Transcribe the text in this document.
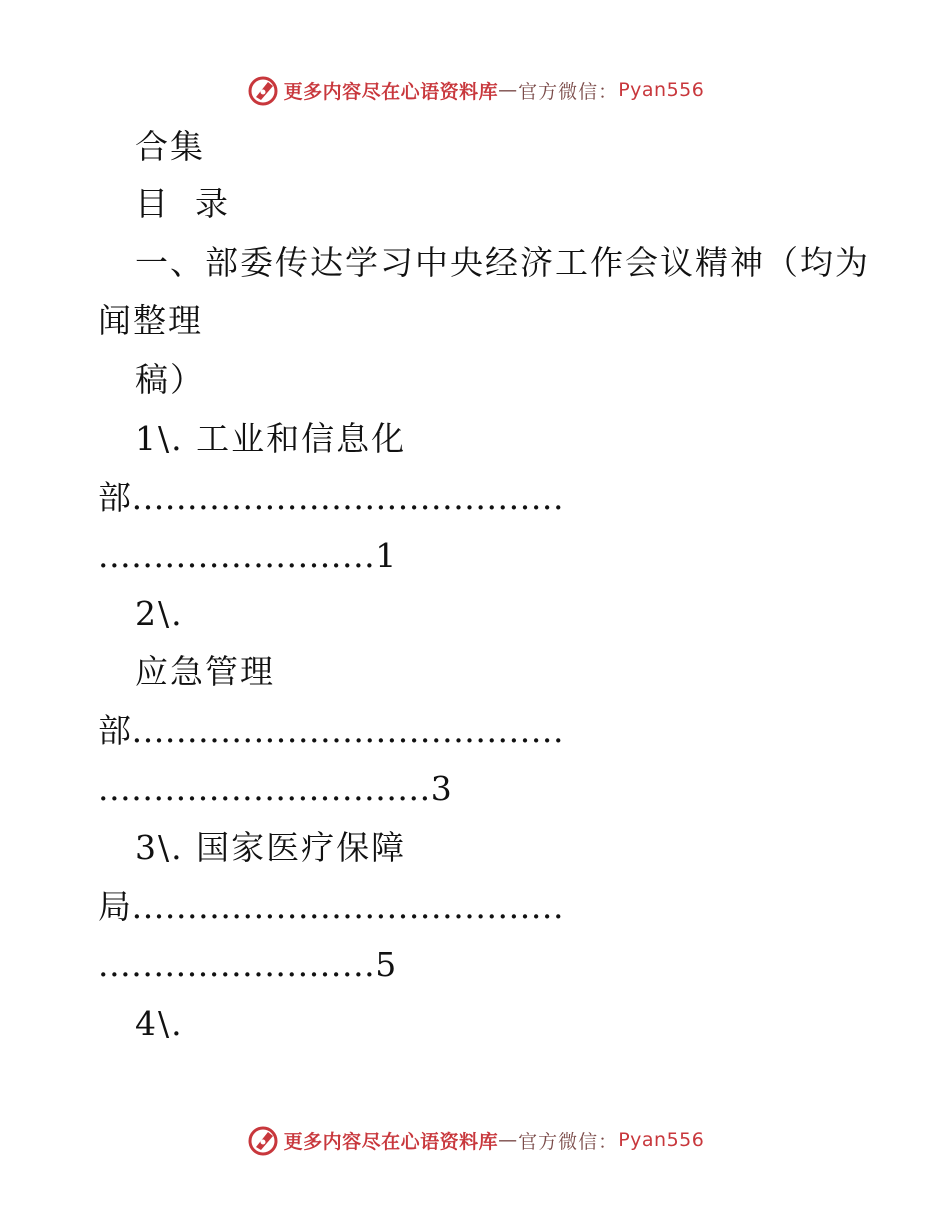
更多内容尽在心语资料库 — 官方微信： Pyan556
合集
目  录
一、部委传达学习中央经济工作会议精神（均为
闻整理
稿）
1\. 工业和信息化
部.......................................
.........................1
2\.
应急管理
部.......................................
..............................3
3\. 国家医疗保障
局.......................................
.........................5
4\.
更多内容尽在心语资料库 — 官方微信： Pyan556
